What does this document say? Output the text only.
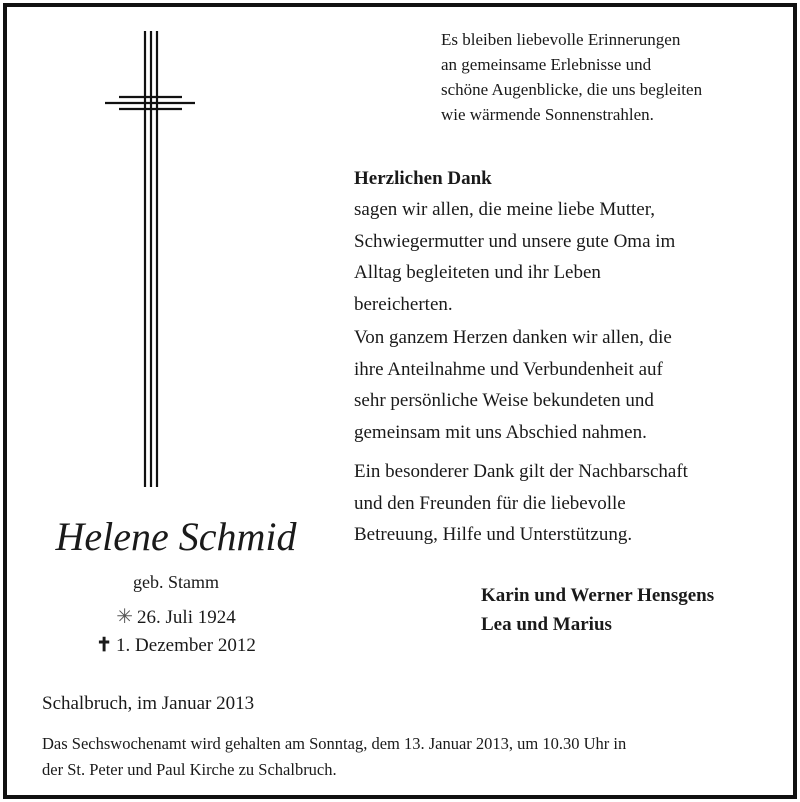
Es bleiben liebevolle Erinnerungen
an gemeinsame Erlebnisse und
schöne Augenblicke, die uns begleiten
wie wärmende Sonnenstrahlen.
Herzlichen Dank
sagen wir allen, die meine liebe Mutter,
Schwiegermutter und unsere gute Oma im
Alltag begleiteten und ihr Leben
bereicherten.
Von ganzem Herzen danken wir allen, die
ihre Anteilnahme und Verbundenheit auf
sehr persönliche Weise bekundeten und
gemeinsam mit uns Abschied nahmen.
Ein besonderer Dank gilt der Nachbarschaft
und den Freunden für die liebevolle
Betreuung, Hilfe und Unterstützung.
Helene Schmid
geb. Stamm
✳ 26. Juli 1924
✝ 1. Dezember 2012
Karin und Werner Hensgens
Lea und Marius
Schalbruch, im Januar 2013
Das Sechswochenamt wird gehalten am Sonntag, dem 13. Januar 2013, um 10.30 Uhr in
der St. Peter und Paul Kirche zu Schalbruch.
